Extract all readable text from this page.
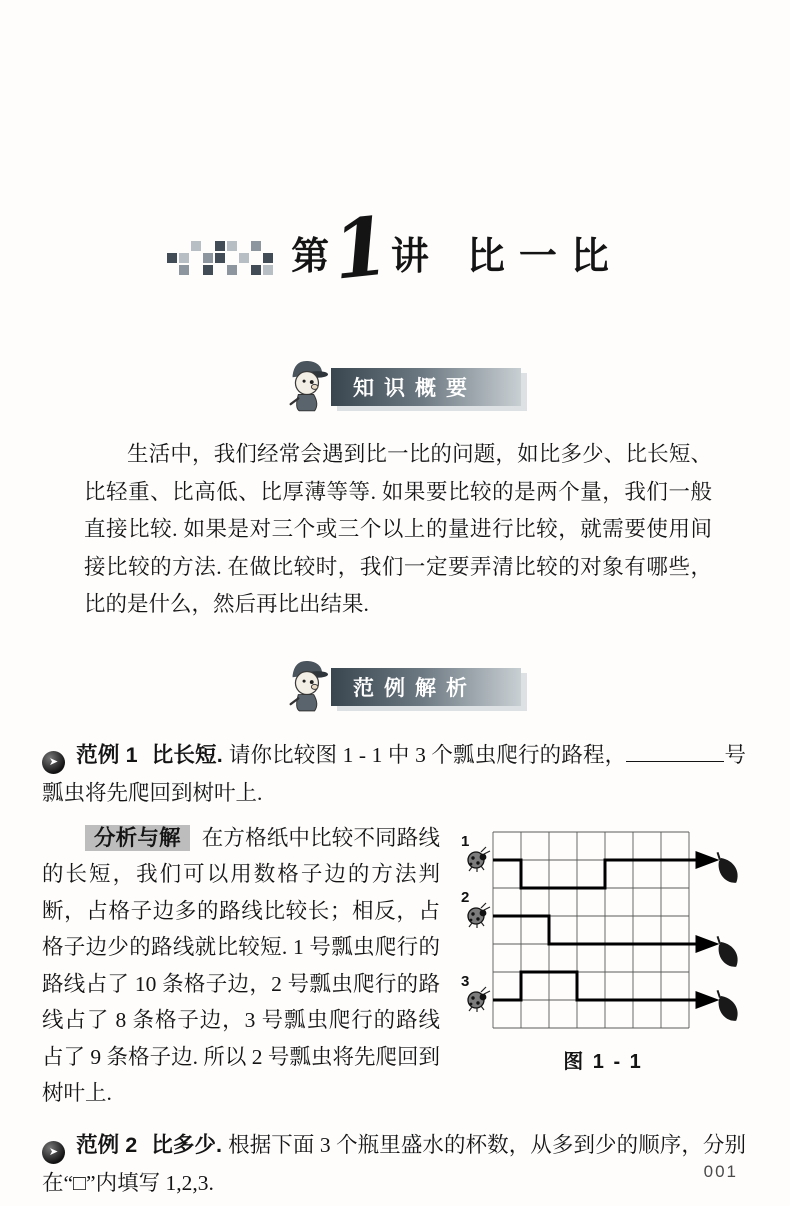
第
1
讲 比一比
知识概要

生活中，我们经常会遇到比一比的问题，如比多少、比长短、比轻重、比高低、比厚薄等等. 如果要比较的是两个量，我们一般直接比较. 如果是对三个或三个以上的量进行比较，就需要使用间接比较的方法. 在做比较时，我们一定要弄清比较的对象有哪些，比的是什么，然后再比出结果.

范例解析

➤ 范例 1 比长短. 请你比较图 1 - 1 中 3 个瓢虫爬行的路程，	号瓢虫将先爬回到树叶上.

1
2
3
图 1 - 1

分析与解 在方格纸中比较不同路线的长短，我们可以用数格子边的方法判断，占格子边多的路线比较长；相反，占格子边少的路线就比较短. 1 号瓢虫爬行的路线占了 10 条格子边，2 号瓢虫爬行的路线占了 8 条格子边，3 号瓢虫爬行的路线占了 9 条格子边. 所以 2 号瓢虫将先爬回到树叶上.

➤ 范例 2 比多少. 根据下面 3 个瓶里盛水的杯数，从多到少的顺序，分别在“□”内填写 1,2,3.	001
